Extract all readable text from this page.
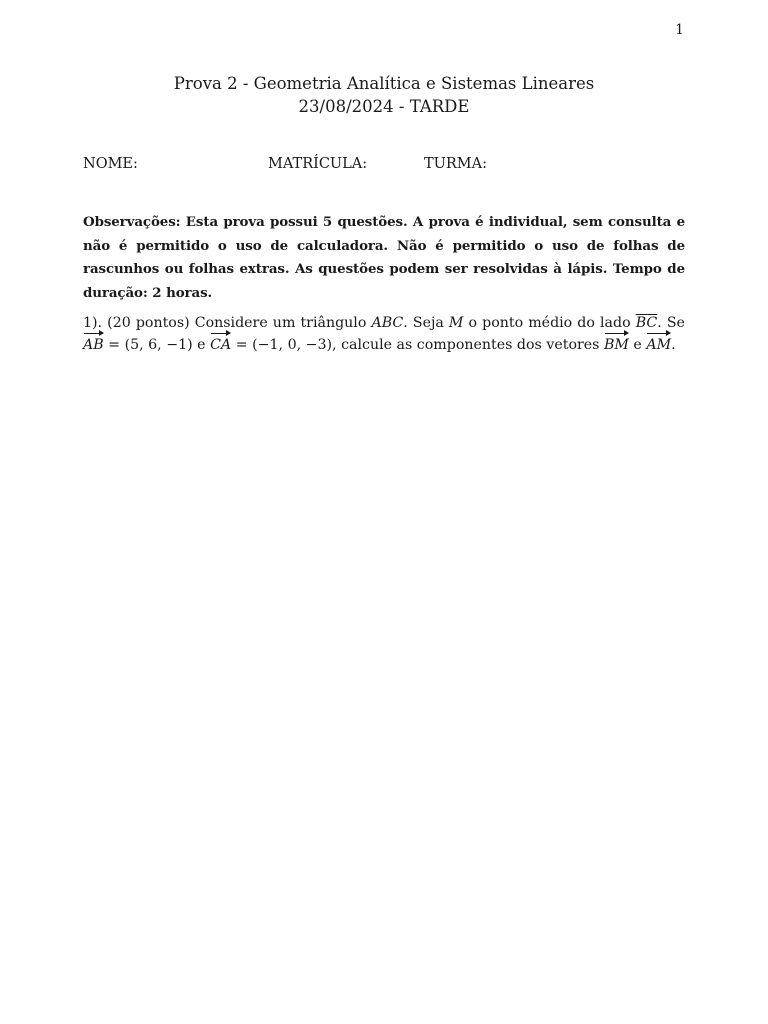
1
Prova 2 - Geometria Analítica e Sistemas Lineares
23/08/2024 - TARDE
NOME:	MATRÍCULA:	TURMA:
Observações: Esta prova possui 5 questões. A prova é individual, sem consulta e não é permitido o uso de calculadora. Não é permitido o uso de folhas de rascunhos ou folhas extras. As questões podem ser resolvidas à lápis. Tempo de duração: 2 horas.
1). (20 pontos) Considere um triângulo ABC. Seja M o ponto médio do lado $\overline{BC}$. Se
AB = (5, 6, −1) e CA = (−1, 0, −3), calcule as componentes dos vetores BM e AM.
